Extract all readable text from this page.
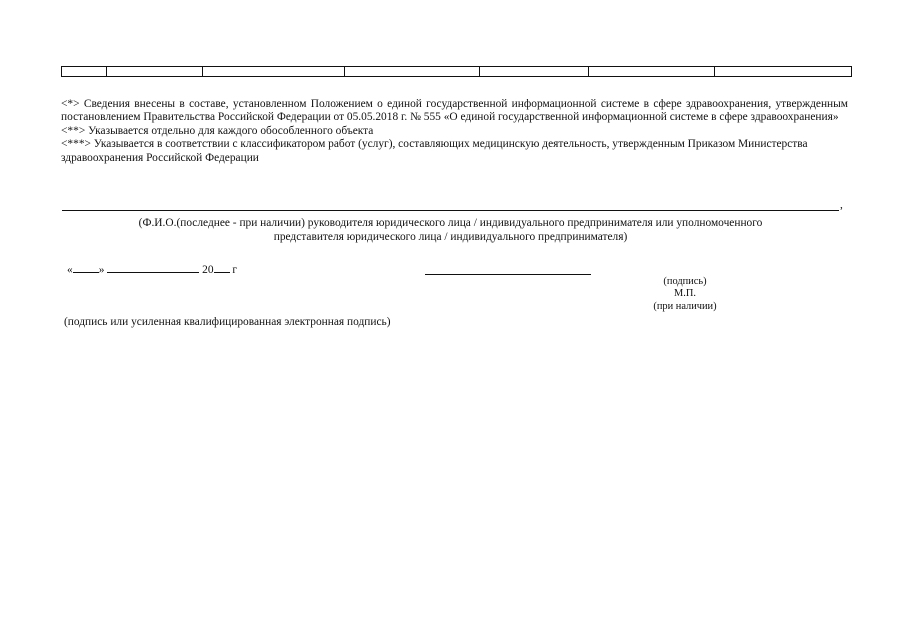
<*> Сведения внесены в составе, установленном Положением о единой государственной информационной системе в сфере здравоохранения, утвержденным постановлением Правительства Российской Федерации от 05.05.2018 г. № 555 «О единой государственной информационной системе в сфере здравоохранения»

<**> Указывается отдельно для каждого обособленного объекта

<***> Указывается в соответствии с классификатором работ (услуг), составляющих медицинскую деятельность, утвержденным Приказом Министерства здравоохранения Российской Федерации

,
(Ф.И.О.(последнее - при наличии) руководителя юридического лица / индивидуального предпринимателя или уполномоченного
представителя юридического лица / индивидуального предпринимателя)
« »	20 г
(подпись)
М.П.
(при наличии)
(подпись или усиленная квалифицированная электронная подпись)
